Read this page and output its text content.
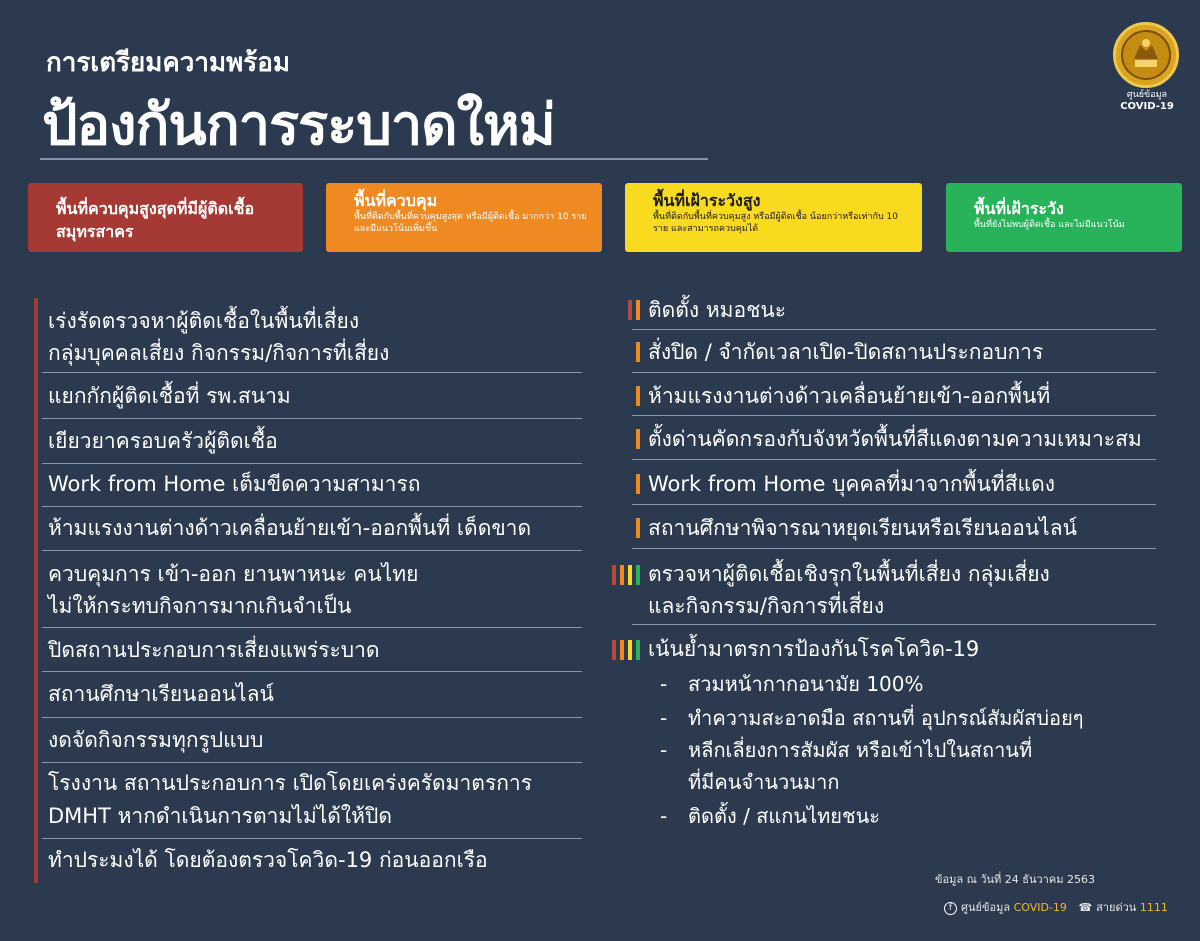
การเตรียมความพร้อม
ป้องกันการระบาดใหม่	ศูนย์ข้อมูล
COVID-19
พื้นที่ควบคุมสูงสุดที่มีผู้ติดเชื้อ สมุทรสาคร
พื้นที่ควบคุม
พื้นที่ติดกับพื้นที่ควบคุมสูงสุด หรือมีผู้ติดเชื้อ มากกว่า 10 ราย และมีแนวโน้มเพิ่มขึ้น
พื้นที่เฝ้าระวังสูง
พื้นที่ติดกับพื้นที่ควบคุมสูง หรือมีผู้ติดเชื้อ น้อยกว่าหรือเท่ากับ 10 ราย และสามารถควบคุมได้
พื้นที่เฝ้าระวัง
พื้นที่ยังไม่พบผู้ติดเชื้อ และไม่มีแนวโน้ม
เร่งรัดตรวจหาผู้ติดเชื้อในพื้นที่เสี่ยง
กลุ่มบุคคลเสี่ยง กิจกรรม/กิจการที่เสี่ยง
แยกกักผู้ติดเชื้อที่ รพ.สนาม
เยียวยาครอบครัวผู้ติดเชื้อ
Work from Home เต็มขีดความสามารถ
ห้ามแรงงานต่างด้าวเคลื่อนย้ายเข้า-ออกพื้นที่ เด็ดขาด
ควบคุมการ เข้า-ออก ยานพาหนะ คนไทย
ไม่ให้กระทบกิจการมากเกินจำเป็น
ปิดสถานประกอบการเสี่ยงแพร่ระบาด
สถานศึกษาเรียนออนไลน์
งดจัดกิจกรรมทุกรูปแบบ
โรงงาน สถานประกอบการ เปิดโดยเคร่งครัดมาตรการ
DMHT หากดำเนินการตามไม่ได้ให้ปิด
ทำประมงได้ โดยต้องตรวจโควิด-19 ก่อนออกเรือ
ติดตั้ง หมอชนะ
สั่งปิด / จำกัดเวลาเปิด-ปิดสถานประกอบการ
ห้ามแรงงานต่างด้าวเคลื่อนย้ายเข้า-ออกพื้นที่
ตั้งด่านคัดกรองกับจังหวัดพื้นที่สีแดงตามความเหมาะสม
Work from Home บุคคลที่มาจากพื้นที่สีแดง
สถานศึกษาพิจารณาหยุดเรียนหรือเรียนออนไลน์
ตรวจหาผู้ติดเชื้อเชิงรุกในพื้นที่เสี่ยง กลุ่มเสี่ยง
และกิจกรรม/กิจการที่เสี่ยง
เน้นย้ำมาตรการป้องกันโรคโควิด-19
- สวมหน้ากากอนามัย 100%
- ทำความสะอาดมือ สถานที่ อุปกรณ์สัมผัสบ่อยๆ
- หลีกเลี่ยงการสัมผัส หรือเข้าไปในสถานที่
ที่มีคนจำนวนมาก
- ติดตั้ง / สแกนไทยชนะ
ข้อมูล ณ วันที่ 24 ธันวาคม 2563
f ศูนย์ข้อมูล COVID-19 ☎ สายด่วน 1111
